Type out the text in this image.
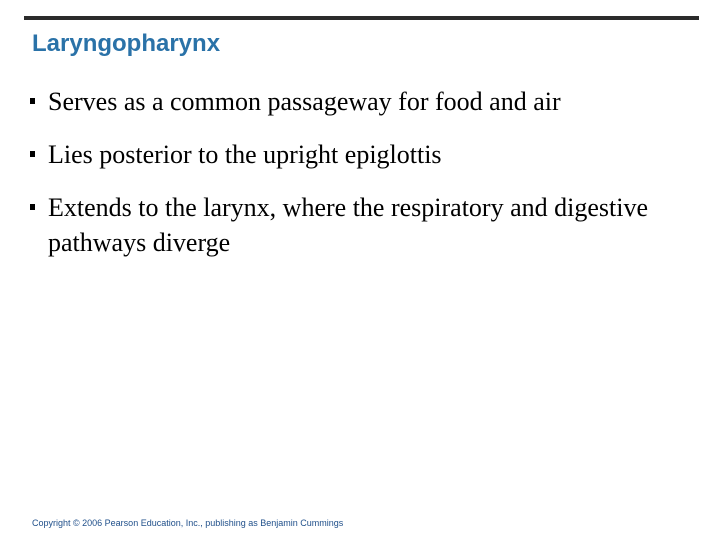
Laryngopharynx
Serves as a common passageway for food and air
Lies posterior to the upright epiglottis
Extends to the larynx, where the respiratory and digestive pathways diverge
Copyright © 2006 Pearson Education, Inc., publishing as Benjamin Cummings
